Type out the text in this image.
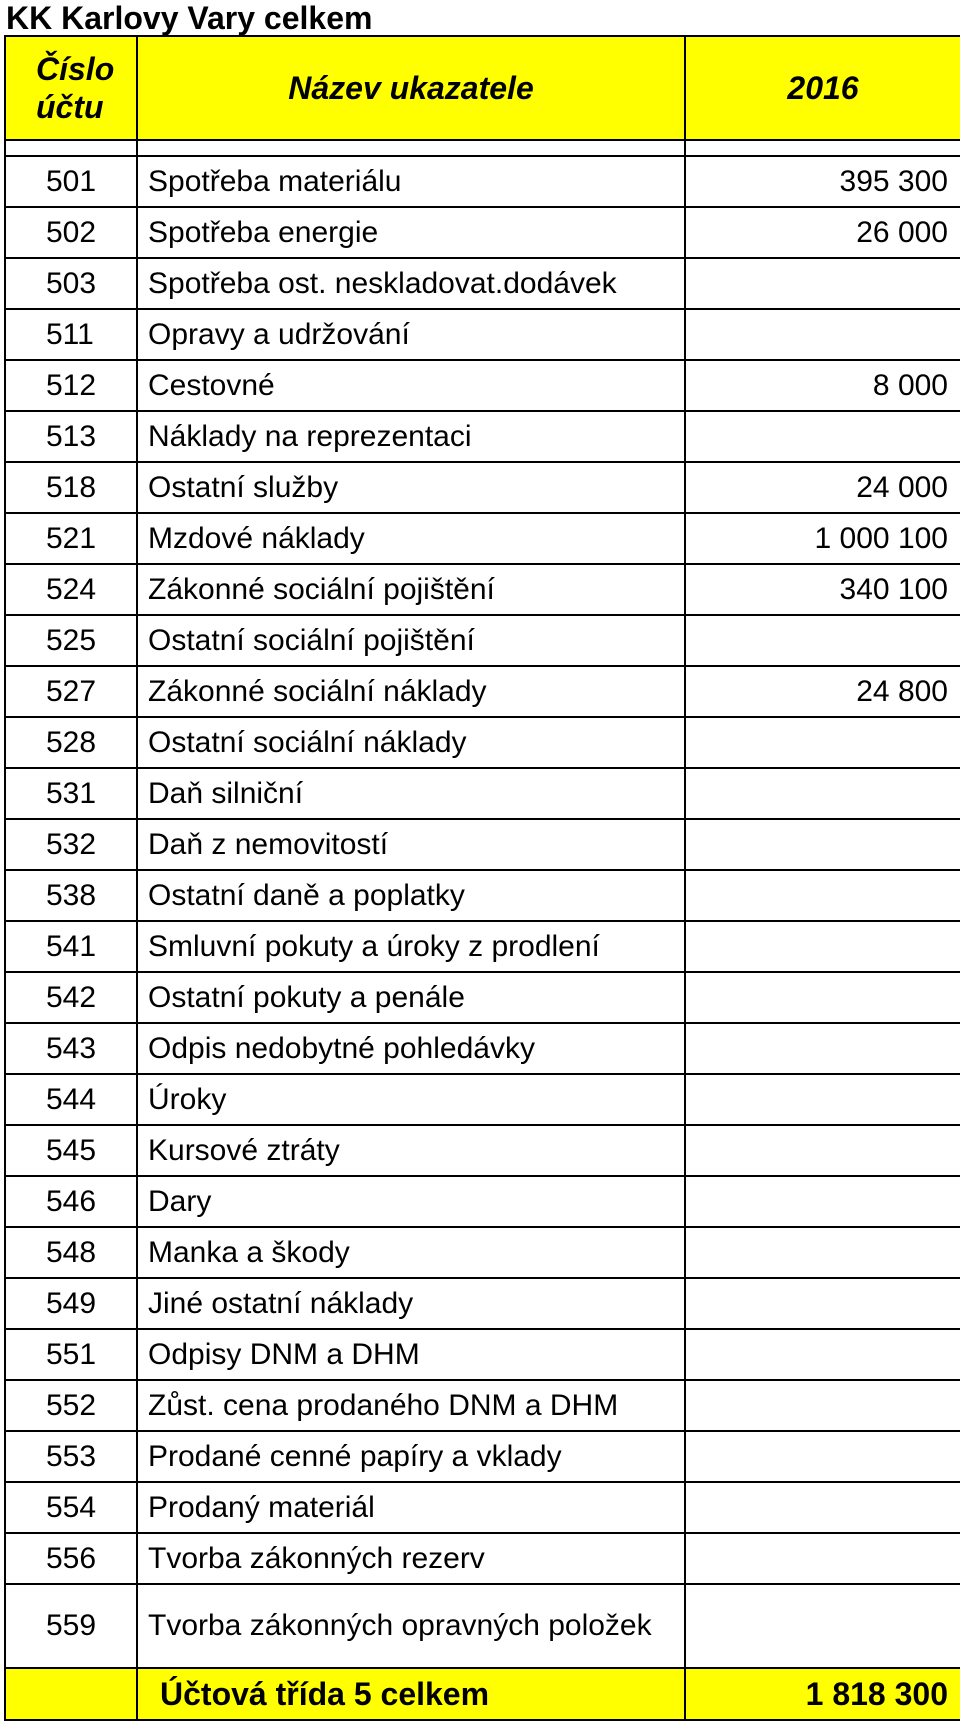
KK Karlovy Vary celkem
Číslo
účtu	Název ukazatele	2016

501	Spotřeba materiálu	395 300
502	Spotřeba energie	26 000
503	Spotřeba ost. neskladovat.dodávek	
511	Opravy a udržování	
512	Cestovné	8 000
513	Náklady na reprezentaci	
518	Ostatní služby	24 000
521	Mzdové náklady	1 000 100
524	Zákonné sociální pojištění	340 100
525	Ostatní sociální pojištění	
527	Zákonné sociální náklady	24 800
528	Ostatní sociální náklady	
531	Daň silniční	
532	Daň z nemovitostí	
538	Ostatní daně a poplatky	
541	Smluvní pokuty a úroky z prodlení	
542	Ostatní pokuty a penále	
543	Odpis nedobytné pohledávky	
544	Úroky	
545	Kursové ztráty	
546	Dary	
548	Manka a škody	
549	Jiné ostatní náklady	
551	Odpisy DNM a DHM	
552	Zůst. cena prodaného DNM a DHM	
553	Prodané cenné papíry a vklady	
554	Prodaný materiál	
556	Tvorba zákonných rezerv	
559	Tvorba zákonných opravných položek	
	Účtová třída 5 celkem	1 818 300
